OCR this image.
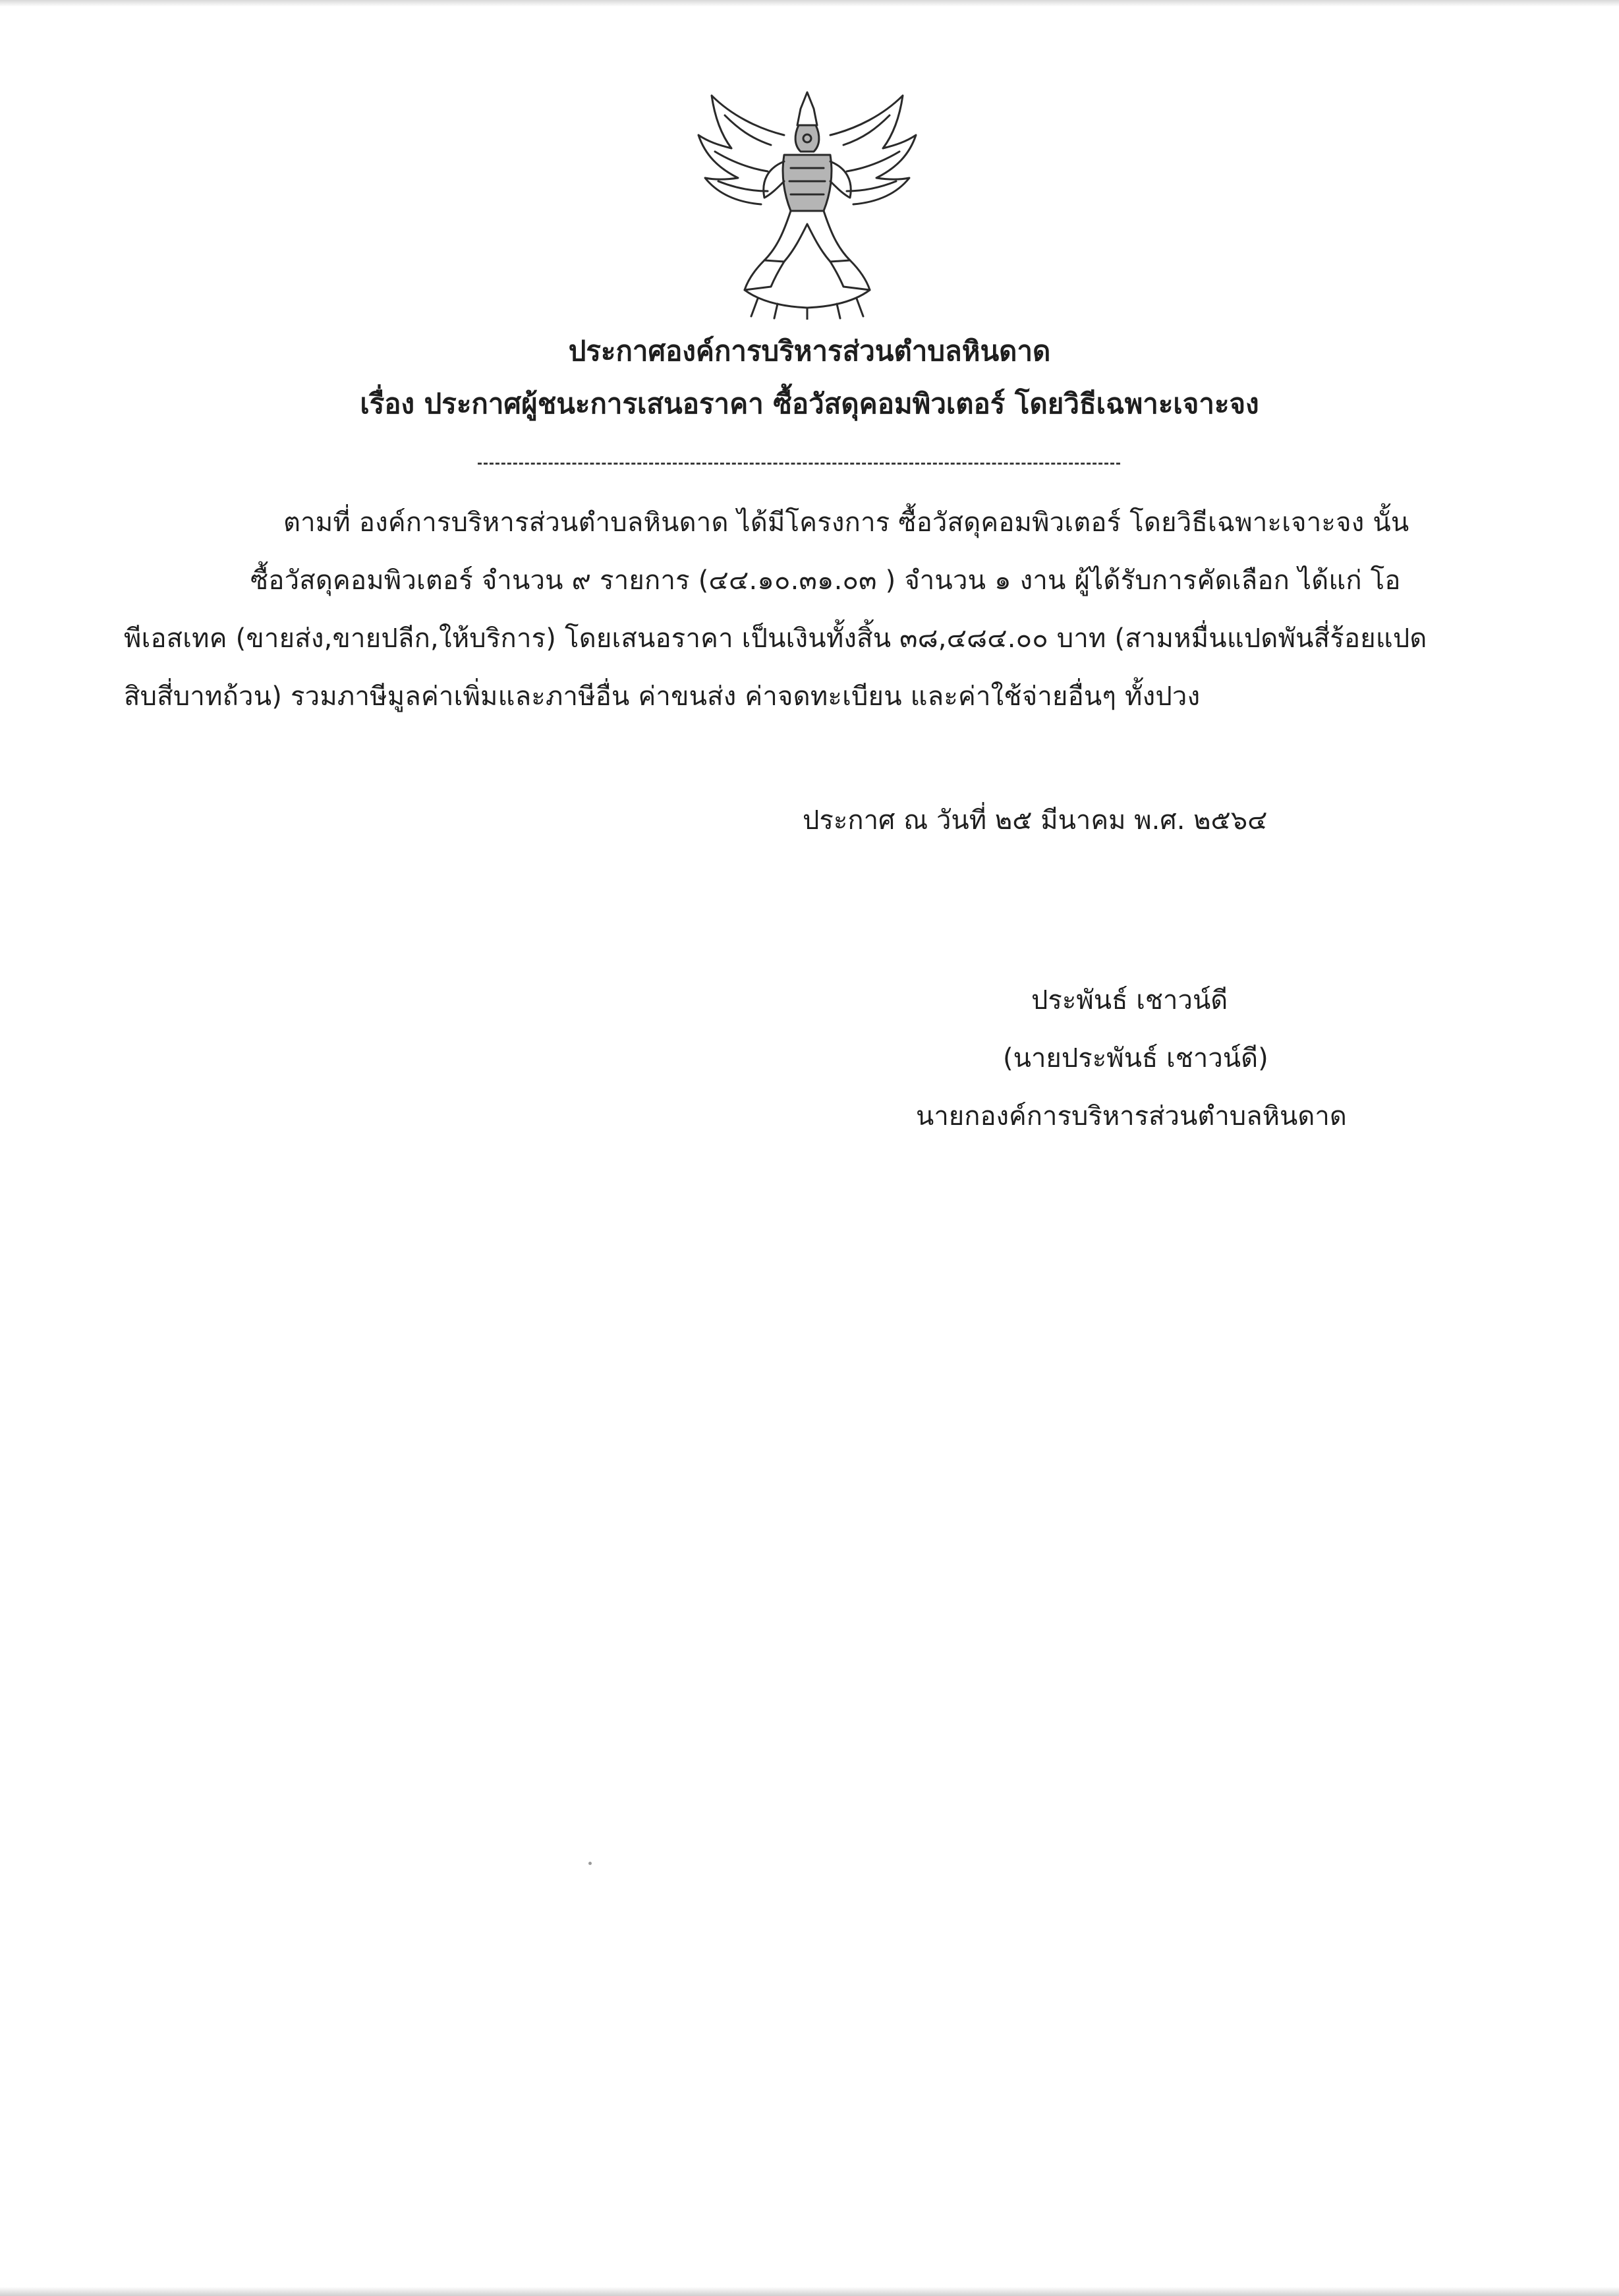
ประกาศองค์การบริหารส่วนตำบลหินดาด
เรื่อง ประกาศผู้ชนะการเสนอราคา ซื้อวัสดุคอมพิวเตอร์ โดยวิธีเฉพาะเจาะจง
ตามที่ องค์การบริหารส่วนตำบลหินดาด ได้มีโครงการ ซื้อวัสดุคอมพิวเตอร์ โดยวิธีเฉพาะเจาะจง นั้น
ซื้อวัสดุคอมพิวเตอร์ จำนวน ๙ รายการ (๔๔.๑๐.๓๑.๐๓ ) จำนวน ๑ งาน ผู้ได้รับการคัดเลือก ได้แก่ โอ
พีเอสเทค (ขายส่ง,ขายปลีก,ให้บริการ) โดยเสนอราคา เป็นเงินทั้งสิ้น ๓๘,๔๘๔.๐๐ บาท (สามหมื่นแปดพันสี่ร้อยแปด
สิบสี่บาทถ้วน) รวมภาษีมูลค่าเพิ่มและภาษีอื่น ค่าขนส่ง ค่าจดทะเบียน และค่าใช้จ่ายอื่นๆ ทั้งปวง
ประกาศ ณ วันที่ ๒๕ มีนาคม พ.ศ. ๒๕๖๔
ประพันธ์ เชาวน์ดี
(นายประพันธ์ เชาวน์ดี)
นายกองค์การบริหารส่วนตำบลหินดาด
